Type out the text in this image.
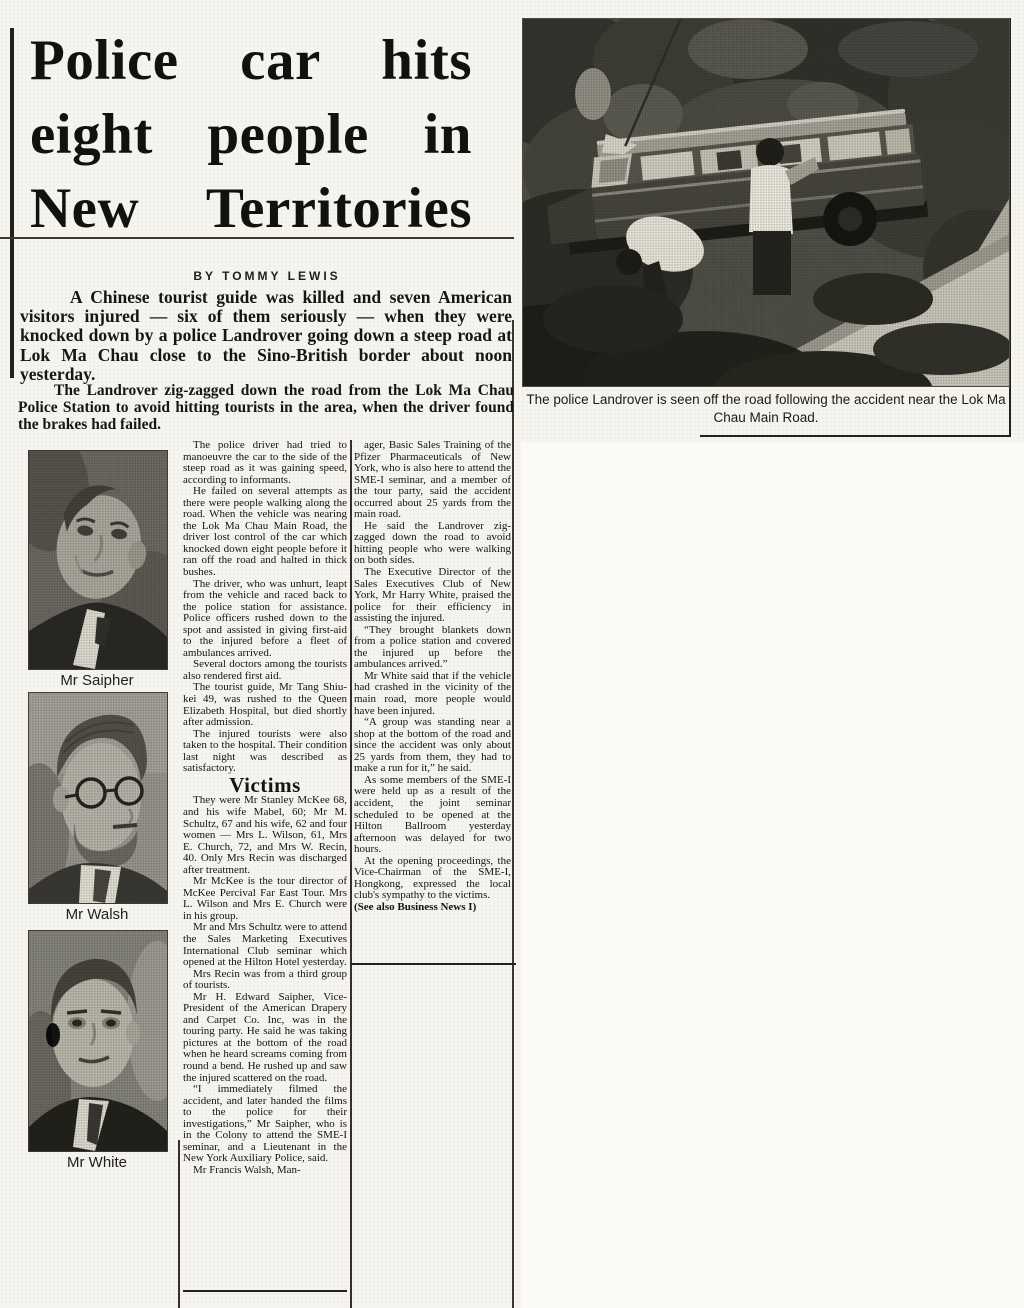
Police car hits
eight people in
New Territories
BY TOMMY LEWIS

A Chinese tourist guide was killed and seven American visitors injured — six of them seriously — when they were knocked down by a police Landrover going down a steep road at Lok Ma Chau close to the Sino-British border about noon yesterday.

The Landrover zig-zagged down the road from the Lok Ma Chau Police Station to avoid hitting tourists in the area, when the driver found the brakes had failed.

The police Landrover is seen off the road following the accident near the Lok Ma Chau Main Road.
Mr Saipher
Mr Walsh
Mr White

The police driver had tried to manoeuvre the car to the side of the steep road as it was gaining speed, according to informants.

He failed on several attempts as there were people walking along the road. When the vehicle was nearing the Lok Ma Chau Main Road, the driver lost control of the car which knocked down eight people before it ran off the road and halted in thick bushes.

The driver, who was unhurt, leapt from the vehicle and raced back to the police station for assistance. Police officers rushed down to the spot and assisted in giving first-aid to the injured before a fleet of ambulances arrived.

Several doctors among the tourists also rendered first aid.

The tourist guide, Mr Tang Shiu-kei 49, was rushed to the Queen Elizabeth Hospital, but died shortly after admission.

The injured tourists were also taken to the hospital. Their condition last night was described as satisfactory.

Victims

They were Mr Stanley McKee 68, and his wife Mabel, 60; Mr M. Schultz, 67 and his wife, 62 and four women — Mrs L. Wilson, 61, Mrs E. Church, 72, and Mrs W. Recin, 40. Only Mrs Recin was discharged after treatment.

Mr McKee is the tour director of McKee Percival Far East Tour. Mrs L. Wilson and Mrs E. Church were in his group.

Mr and Mrs Schultz were to attend the Sales Marketing Executives International Club seminar which opened at the Hilton Hotel yesterday.

Mrs Recin was from a third group of tourists.

Mr H. Edward Saipher, Vice-President of the American Drapery and Carpet Co. Inc, was in the touring party. He said he was taking pictures at the bottom of the road when he heard screams coming from round a bend. He rushed up and saw the injured scattered on the road.

“I immediately filmed the accident, and later handed the films to the police for their investigations,” Mr Saipher, who is in the Colony to attend the SME-I seminar, and a Lieutenant in the New York Auxiliary Police, said.

Mr Francis Walsh, Man-

ager, Basic Sales Training of the Pfizer Pharmaceuticals of New York, who is also here to attend the SME-I seminar, and a member of the tour party, said the accident occurred about 25 yards from the main road.

He said the Landrover zig-zagged down the road to avoid hitting people who were walking on both sides.

The Executive Director of the Sales Executives Club of New York, Mr Harry White, praised the police for their efficiency in assisting the injured.

“They brought blankets down from a police station and covered the injured up before the ambulances arrived.”

Mr White said that if the vehicle had crashed in the vicinity of the main road, more people would have been injured.

“A group was standing near a shop at the bottom of the road and since the accident was only about 25 yards from them, they had to make a run for it,” he said.

As some members of the SME-I were held up as a result of the accident, the joint seminar scheduled to be opened at the Hilton Ballroom yesterday afternoon was delayed for two hours.

At the opening proceedings, the Vice-Chairman of the SME-I, Hongkong, expressed the local club's sympathy to the victims.

(See also Business News I)
